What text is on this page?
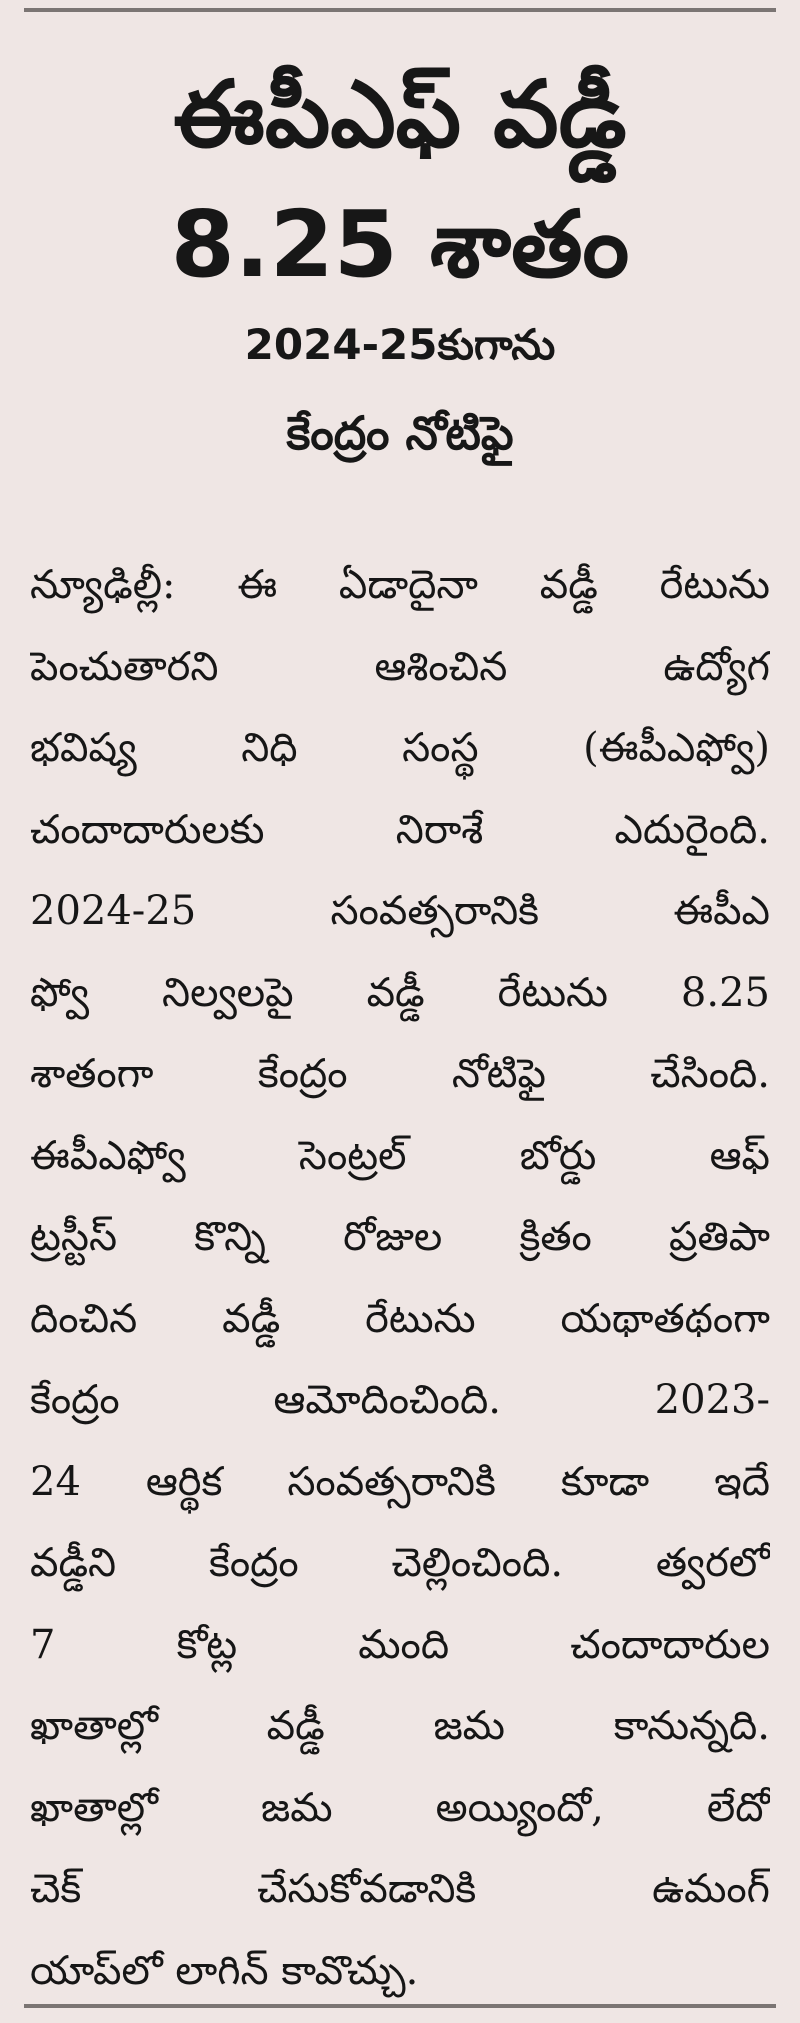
ఈపీఎఫ్ వడ్డీ
8.25 శాతం
2024-25కుగాను
కేంద్రం నోటిఫై
న్యూఢిల్లీ: ఈ ఏడాదైనా వడ్డీ రేటును
పెంచుతారని ఆశించిన ఉద్యోగ
భవిష్య నిధి సంస్థ (ఈపీఎఫ్వో)
చందాదారులకు నిరాశే ఎదురైంది.
2024-25 సంవత్సరానికి ఈపీఎ
ఫ్వో నిల్వలపై వడ్డీ రేటును 8.25
శాతంగా కేంద్రం నోటిఫై చేసింది.
ఈపీఎఫ్వో సెంట్రల్ బోర్డు ఆఫ్
ట్రస్టీస్ కొన్ని రోజుల క్రితం ప్రతిపా
దించిన వడ్డీ రేటును యథాతథంగా
కేంద్రం ఆమోదించింది. 2023-
24 ఆర్థిక సంవత్సరానికి కూడా ఇదే
వడ్డీని కేంద్రం చెల్లించింది. త్వరలో
7 కోట్ల మంది చందాదారుల
ఖాతాల్లో వడ్డీ జమ కానున్నది.
ఖాతాల్లో జమ అయ్యిందో, లేదో
చెక్ చేసుకోవడానికి ఉమంగ్
యాప్‌లో లాగిన్ కావొచ్చు.
